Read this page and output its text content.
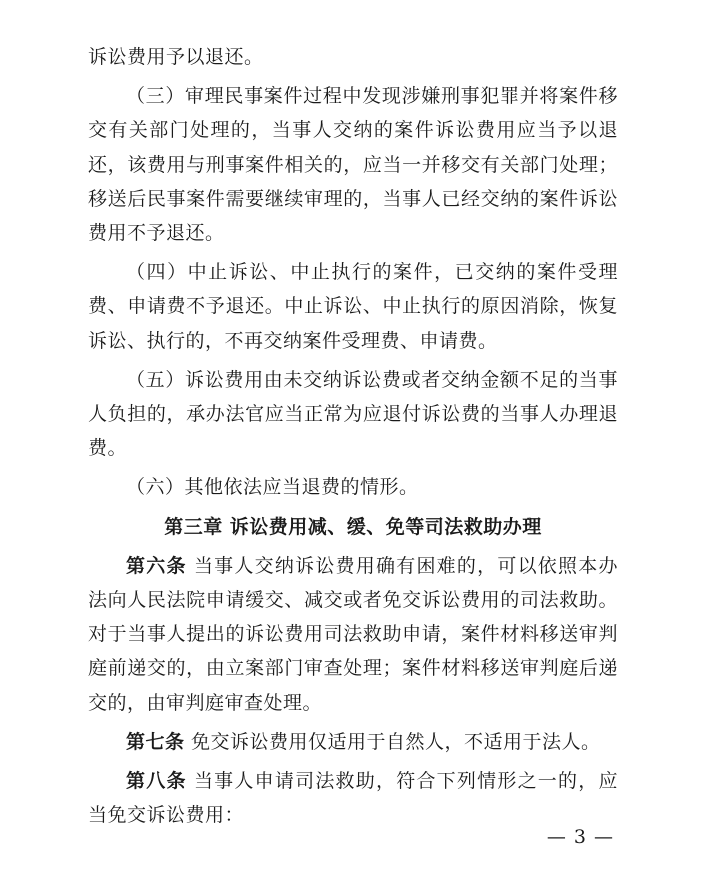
诉讼费用予以退还。

（三）审理民事案件过程中发现涉嫌刑事犯罪并将案件移交有关部门处理的，当事人交纳的案件诉讼费用应当予以退还，该费用与刑事案件相关的，应当一并移交有关部门处理；移送后民事案件需要继续审理的，当事人已经交纳的案件诉讼费用不予退还。

（四）中止诉讼、中止执行的案件，已交纳的案件受理费、申请费不予退还。中止诉讼、中止执行的原因消除，恢复诉讼、执行的，不再交纳案件受理费、申请费。

（五）诉讼费用由未交纳诉讼费或者交纳金额不足的当事人负担的，承办法官应当正常为应退付诉讼费的当事人办理退费。

（六）其他依法应当退费的情形。

第三章 诉讼费用减、缓、免等司法救助办理

第六条 当事人交纳诉讼费用确有困难的，可以依照本办法向人民法院申请缓交、减交或者免交诉讼费用的司法救助。对于当事人提出的诉讼费用司法救助申请，案件材料移送审判庭前递交的，由立案部门审查处理；案件材料移送审判庭后递交的，由审判庭审查处理。

第七条 免交诉讼费用仅适用于自然人，不适用于法人。

第八条 当事人申请司法救助，符合下列情形之一的，应当免交诉讼费用：

— 3 —
